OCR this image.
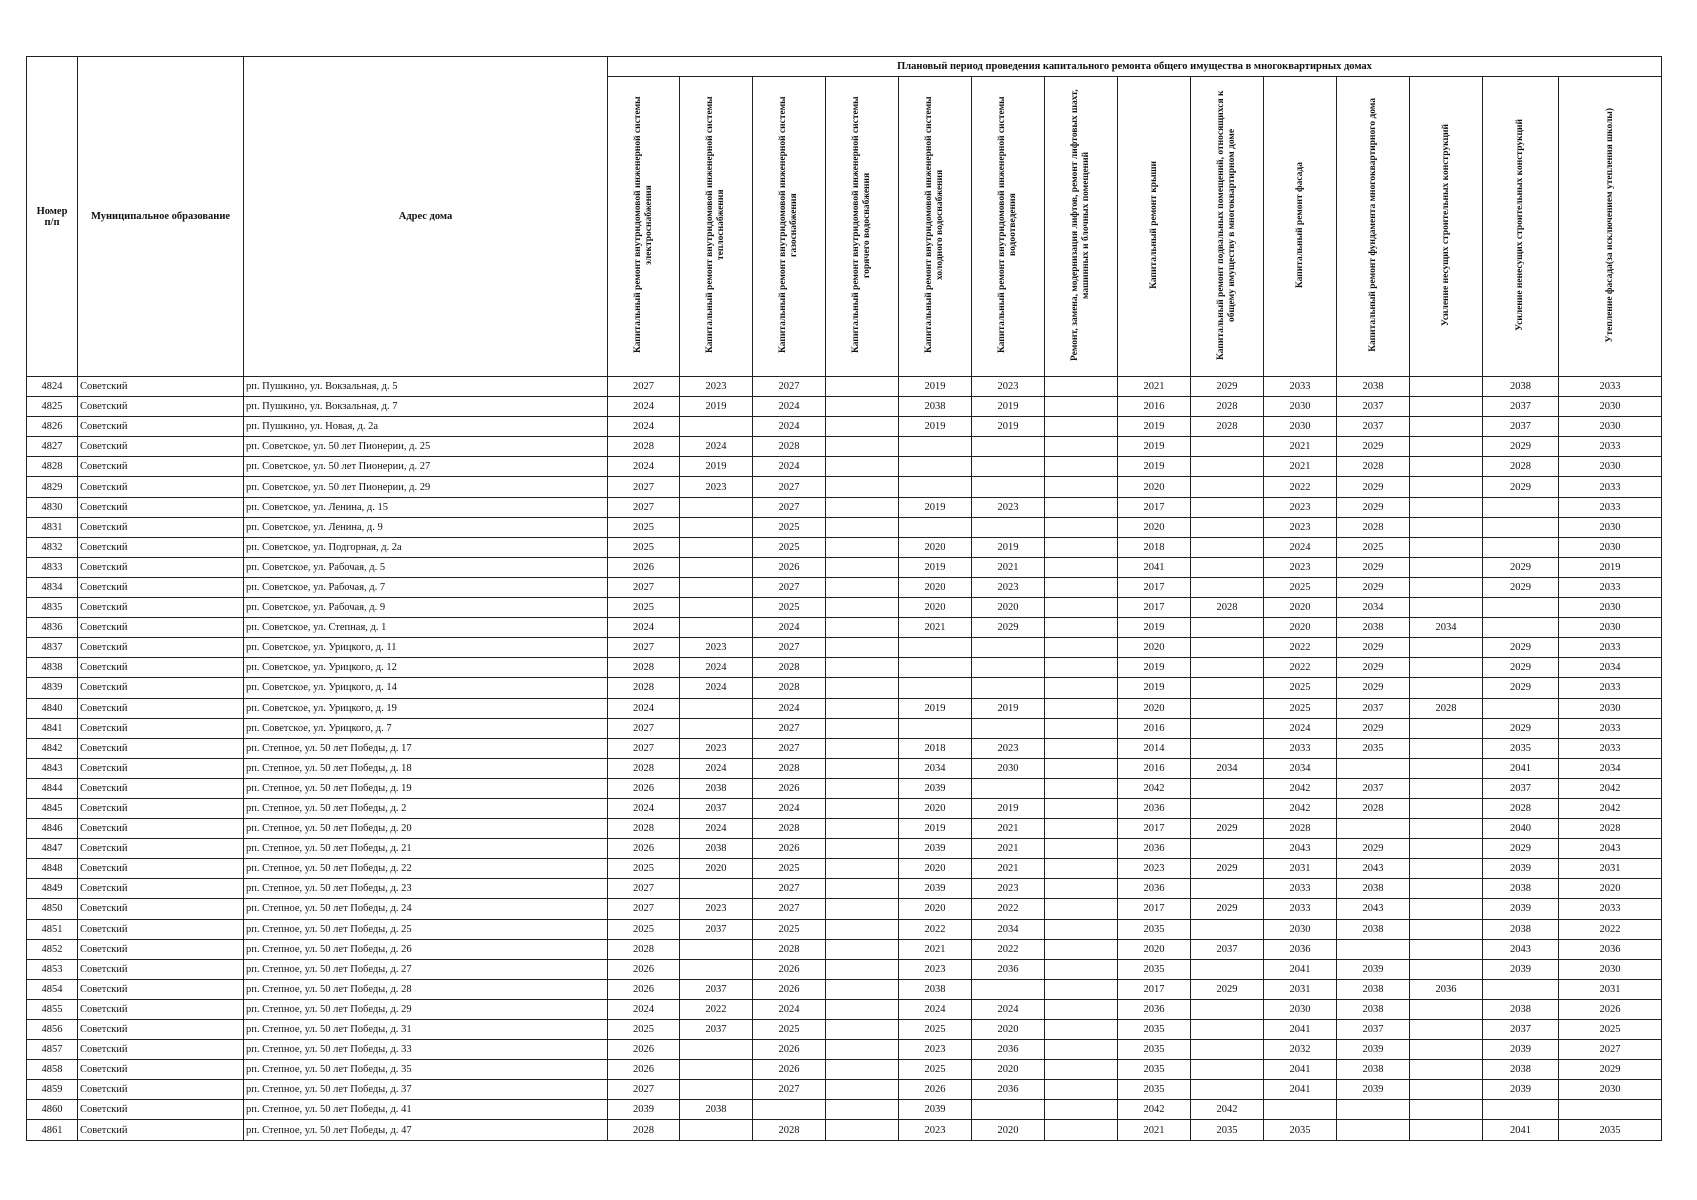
Номер п/п	Муниципальное образование	Адрес дома	Плановый период проведения капитального ремонта общего имущества в многоквартирных домах													
			Капитальный ремонт внутридомовой инженерной системы электроснабжения	Капитальный ремонт внутридомовой инженерной системы теплоснабжения	Капитальный ремонт внутридомовой инженерной системы газоснабжения	Капитальный ремонт внутридомовой инженерной системы горячего водоснабжения	Капитальный ремонт внутридомовой инженерной системы холодного водоснабжения	Капитальный ремонт внутридомовой инженерной системы водоотведения	Ремонт, замена, модернизация лифтов, ремонт лифтовых шахт, машинных и блочных помещений	Капитальный ремонт крыши	Капитальный ремонт подвальных помещений, относящихся к общему имуществу в многоквартирном доме	Капитальный ремонт фасада	Капитальный ремонт фундамента многоквартирного дома	Усиление несущих строительных конструкций	Усиление ненесущих строительных конструкций	Утепление фасада(за исключением утепления школы)
4824	Советский	рп. Пушкино, ул. Вокзальная, д. 5	2027	2023	2027		2019	2023		2021	2029	2033	2038		2038	2033
4825	Советский	рп. Пушкино, ул. Вокзальная, д. 7	2024	2019	2024		2038	2019		2016	2028	2030	2037		2037	2030
4826	Советский	рп. Пушкино, ул. Новая, д. 2а	2024		2024		2019	2019		2019	2028	2030	2037		2037	2030
4827	Советский	рп. Советское, ул. 50 лет Пионерии, д. 25	2028	2024	2028					2019		2021	2029		2029	2033
4828	Советский	рп. Советское, ул. 50 лет Пионерии, д. 27	2024	2019	2024					2019		2021	2028		2028	2030
4829	Советский	рп. Советское, ул. 50 лет Пионерии, д. 29	2027	2023	2027					2020		2022	2029		2029	2033
4830	Советский	рп. Советское, ул. Ленина, д. 15	2027		2027		2019	2023		2017		2023	2029			2033
4831	Советский	рп. Советское, ул. Ленина, д. 9	2025		2025					2020		2023	2028			2030
4832	Советский	рп. Советское, ул. Подгорная, д. 2а	2025		2025		2020	2019		2018		2024	2025			2030
4833	Советский	рп. Советское, ул. Рабочая, д. 5	2026		2026		2019	2021		2041		2023	2029		2029	2019
4834	Советский	рп. Советское, ул. Рабочая, д. 7	2027		2027		2020	2023		2017		2025	2029		2029	2033
4835	Советский	рп. Советское, ул. Рабочая, д. 9	2025		2025		2020	2020		2017	2028	2020	2034			2030
4836	Советский	рп. Советское, ул. Степная, д. 1	2024		2024		2021	2029		2019		2020	2038	2034		2030
4837	Советский	рп. Советское, ул. Урицкого, д. 11	2027	2023	2027					2020		2022	2029		2029	2033
4838	Советский	рп. Советское, ул. Урицкого, д. 12	2028	2024	2028					2019		2022	2029		2029	2034
4839	Советский	рп. Советское, ул. Урицкого, д. 14	2028	2024	2028					2019		2025	2029		2029	2033
4840	Советский	рп. Советское, ул. Урицкого, д. 19	2024		2024		2019	2019		2020		2025	2037	2028		2030
4841	Советский	рп. Советское, ул. Урицкого, д. 7	2027		2027					2016		2024	2029		2029	2033
4842	Советский	рп. Степное, ул. 50 лет Победы, д. 17	2027	2023	2027		2018	2023		2014		2033	2035		2035	2033
4843	Советский	рп. Степное, ул. 50 лет Победы, д. 18	2028	2024	2028		2034	2030		2016	2034	2034			2041	2034
4844	Советский	рп. Степное, ул. 50 лет Победы, д. 19	2026	2038	2026		2039			2042		2042	2037		2037	2042
4845	Советский	рп. Степное, ул. 50 лет Победы, д. 2	2024	2037	2024		2020	2019		2036		2042	2028		2028	2042
4846	Советский	рп. Степное, ул. 50 лет Победы, д. 20	2028	2024	2028		2019	2021		2017	2029	2028			2040	2028
4847	Советский	рп. Степное, ул. 50 лет Победы, д. 21	2026	2038	2026		2039	2021		2036		2043	2029		2029	2043
4848	Советский	рп. Степное, ул. 50 лет Победы, д. 22	2025	2020	2025		2020	2021		2023	2029	2031	2043		2039	2031
4849	Советский	рп. Степное, ул. 50 лет Победы, д. 23	2027		2027		2039	2023		2036		2033	2038		2038	2020
4850	Советский	рп. Степное, ул. 50 лет Победы, д. 24	2027	2023	2027		2020	2022		2017	2029	2033	2043		2039	2033
4851	Советский	рп. Степное, ул. 50 лет Победы, д. 25	2025	2037	2025		2022	2034		2035		2030	2038		2038	2022
4852	Советский	рп. Степное, ул. 50 лет Победы, д. 26	2028		2028		2021	2022		2020	2037	2036			2043	2036
4853	Советский	рп. Степное, ул. 50 лет Победы, д. 27	2026		2026		2023	2036		2035		2041	2039		2039	2030
4854	Советский	рп. Степное, ул. 50 лет Победы, д. 28	2026	2037	2026		2038			2017	2029	2031	2038	2036		2031
4855	Советский	рп. Степное, ул. 50 лет Победы, д. 29	2024	2022	2024		2024	2024		2036		2030	2038		2038	2026
4856	Советский	рп. Степное, ул. 50 лет Победы, д. 31	2025	2037	2025		2025	2020		2035		2041	2037		2037	2025
4857	Советский	рп. Степное, ул. 50 лет Победы, д. 33	2026		2026		2023	2036		2035		2032	2039		2039	2027
4858	Советский	рп. Степное, ул. 50 лет Победы, д. 35	2026		2026		2025	2020		2035		2041	2038		2038	2029
4859	Советский	рп. Степное, ул. 50 лет Победы, д. 37	2027		2027		2026	2036		2035		2041	2039		2039	2030
4860	Советский	рп. Степное, ул. 50 лет Победы, д. 41	2039	2038			2039			2042	2042					
4861	Советский	рп. Степное, ул. 50 лет Победы, д. 47	2028		2028		2023	2020		2021	2035	2035			2041	2035
